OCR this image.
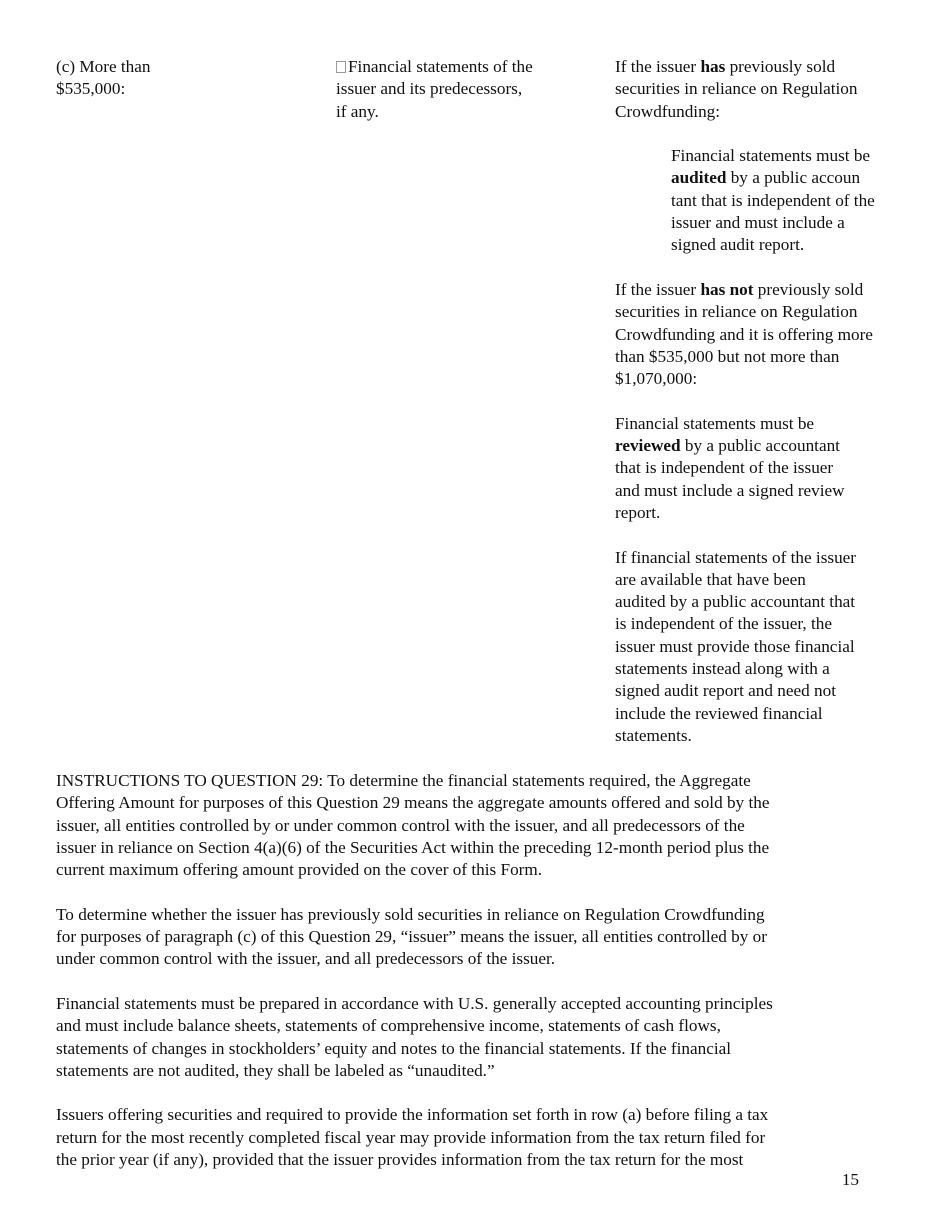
(c) More than
$535,000:
Financial statements of the
issuer and its predecessors,
if any.
If the issuer has previously sold
securities in reliance on Regulation
Crowdfunding:
Financial statements must be
audited by a public accoun
tant that is independent of the
issuer and must include a
signed audit report.
If the issuer has not previously sold
securities in reliance on Regulation
Crowdfunding and it is offering more
than $535,000 but not more than
$1,070,000:
Financial statements must be
reviewed by a public accountant
that is independent of the issuer
and must include a signed review
report.
If financial statements of the issuer
are available that have been
audited by a public accountant that
is independent of the issuer, the
issuer must provide those financial
statements instead along with a
signed audit report and need not
include the reviewed financial
statements.
INSTRUCTIONS TO QUESTION 29: To determine the financial statements required, the Aggregate
Offering Amount for purposes of this Question 29 means the aggregate amounts offered and sold by the
issuer, all entities controlled by or under common control with the issuer, and all predecessors of the
issuer in reliance on Section 4(a)(6) of the Securities Act within the preceding 12-month period plus the
current maximum offering amount provided on the cover of this Form.
To determine whether the issuer has previously sold securities in reliance on Regulation Crowdfunding
for purposes of paragraph (c) of this Question 29, “issuer” means the issuer, all entities controlled by or
under common control with the issuer, and all predecessors of the issuer.
Financial statements must be prepared in accordance with U.S. generally accepted accounting principles
and must include balance sheets, statements of comprehensive income, statements of cash flows,
statements of changes in stockholders’ equity and notes to the financial statements. If the financial
statements are not audited, they shall be labeled as “unaudited.”
Issuers offering securities and required to provide the information set forth in row (a) before filing a tax
return for the most recently completed fiscal year may provide information from the tax return filed for
the prior year (if any), provided that the issuer provides information from the tax return for the most
15
